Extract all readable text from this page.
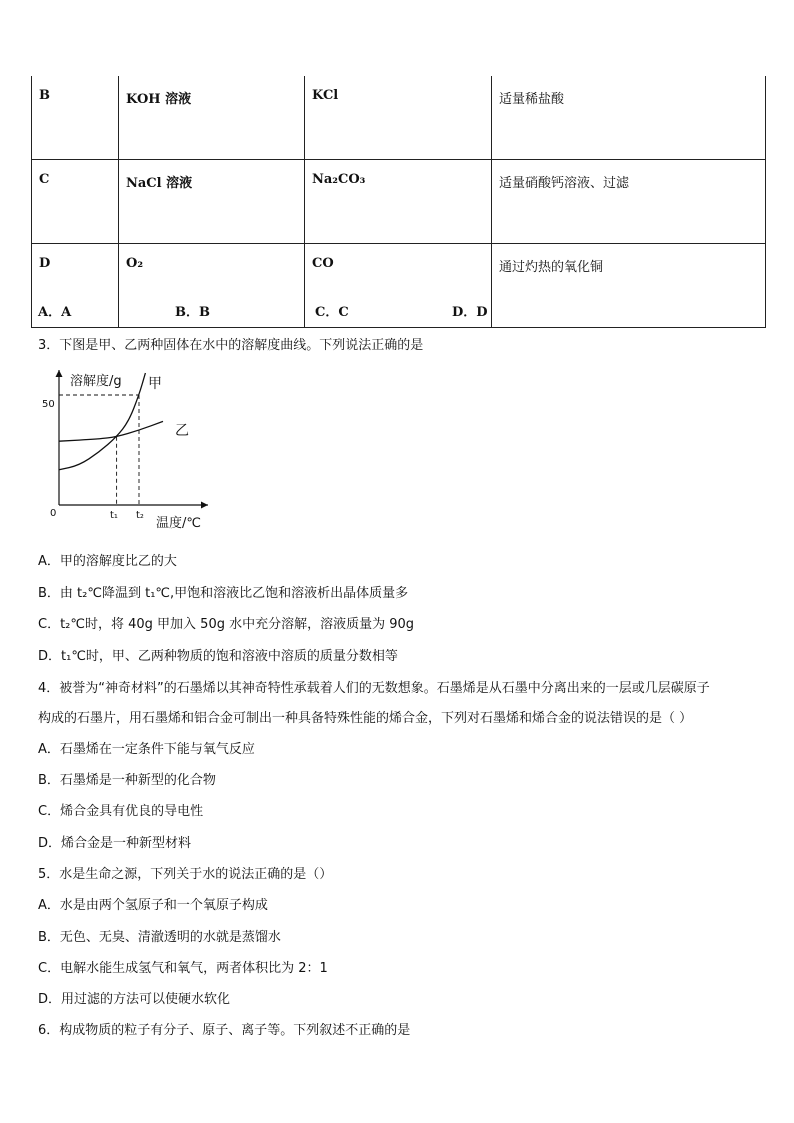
B	KOH 溶液	KCl	适量稀盐酸
C	NaCl 溶液	Na₂CO₃	适量硝酸钙溶液、过滤
D	O₂	CO	通过灼热的氧化铜
A．A	B．B	C．C	D．D
3．下图是甲、乙两种固体在水中的溶解度曲线。下列说法正确的是
溶解度/g
温度/℃
0
50
t₁ t₂
甲
乙
A．甲的溶解度比乙的大
B．由 t₂℃降温到 t₁℃,甲饱和溶液比乙饱和溶液析出晶体质量多
C．t₂℃时，将 40g 甲加入 50g 水中充分溶解，溶液质量为 90g
D．t₁℃时，甲、乙两种物质的饱和溶液中溶质的质量分数相等
4．被誉为“神奇材料”的石墨烯以其神奇特性承载着人们的无数想象。石墨烯是从石墨中分离出来的一层或几层碳原子
构成的石墨片，用石墨烯和铝合金可制出一种具备特殊性能的烯合金，下列对石墨烯和烯合金的说法错误的是（ ）
A．石墨烯在一定条件下能与氧气反应
B．石墨烯是一种新型的化合物
C．烯合金具有优良的导电性
D．烯合金是一种新型材料
5．水是生命之源，下列关于水的说法正确的是（）
A．水是由两个氢原子和一个氧原子构成
B．无色、无臭、清澈透明的水就是蒸馏水
C．电解水能生成氢气和氧气，两者体积比为 2：1
D．用过滤的方法可以使硬水软化
6．构成物质的粒子有分子、原子、离子等。下列叙述不正确的是
